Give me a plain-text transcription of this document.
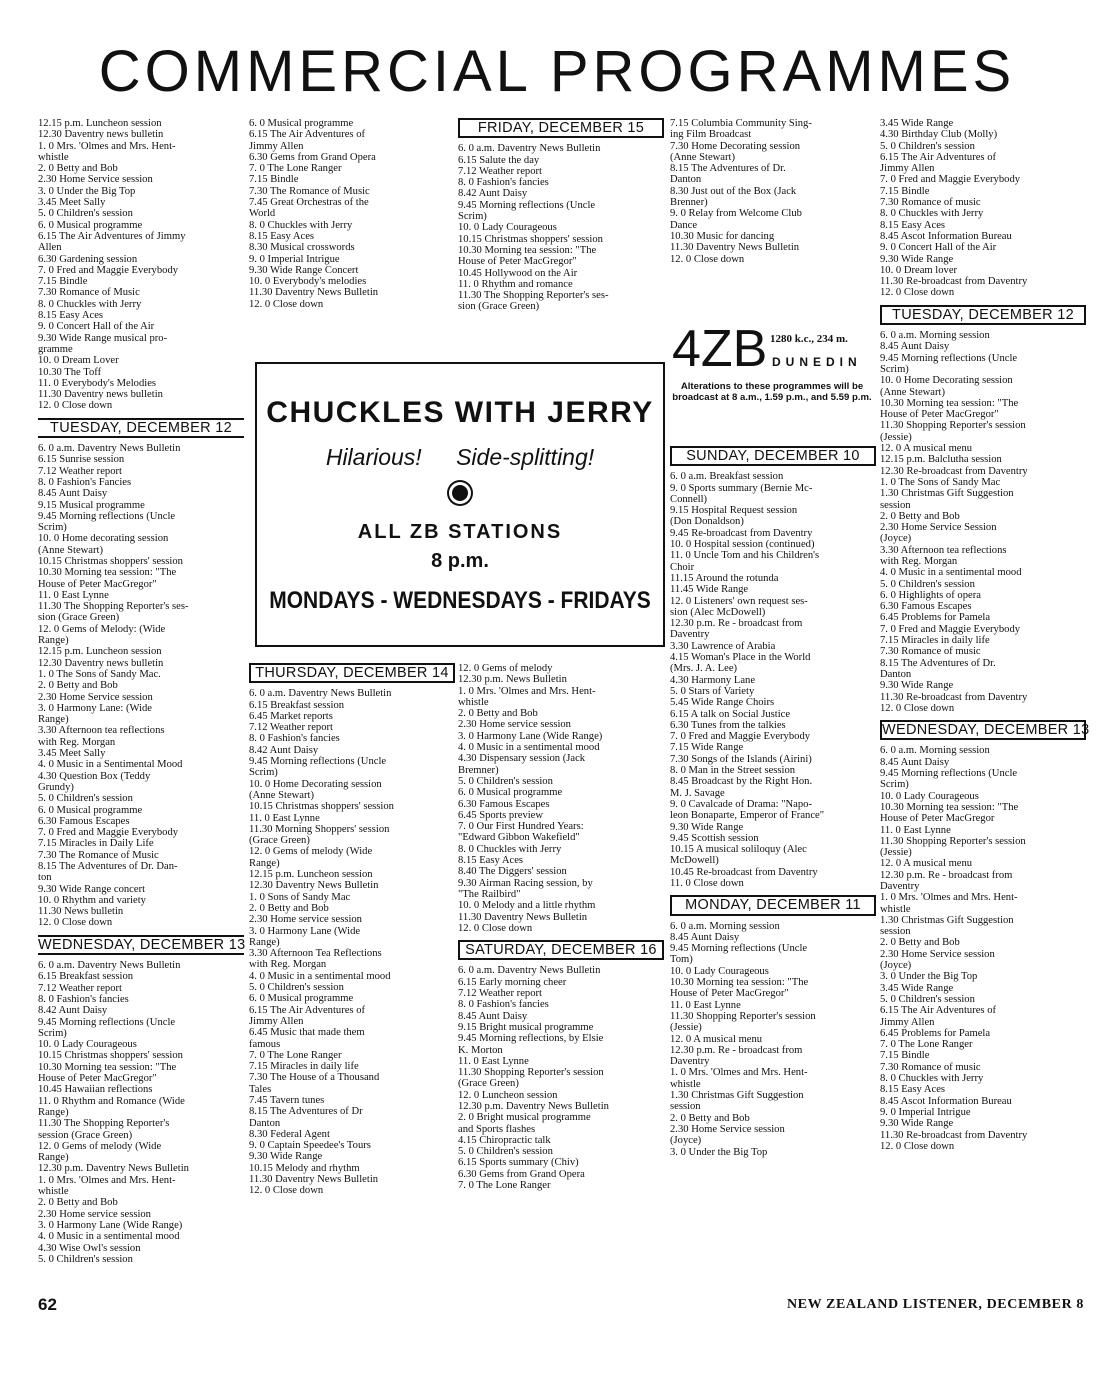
COMMERCIAL PROGRAMMES
12.15 p.m. Luncheon session
12.30 Daventry news bulletin
1. 0 Mrs. 'Olmes and Mrs. Hent-
whistle
2. 0 Betty and Bob
2.30 Home Service session
3. 0 Under the Big Top
3.45 Meet Sally
5. 0 Children's session
6. 0 Musical programme
6.15 The Air Adventures of Jimmy
Allen
6.30 Gardening session
7. 0 Fred and Maggie Everybody
7.15 Bindle
7.30 Romance of Music
8. 0 Chuckles with Jerry
8.15 Easy Aces
9. 0 Concert Hall of the Air
9.30 Wide Range musical pro-
gramme
10. 0 Dream Lover
10.30 The Toff
11. 0 Everybody's Melodies
11.30 Daventry news bulletin
12. 0 Close down
TUESDAY, DECEMBER 12
6. 0 a.m. Daventry News Bulletin
6.15 Sunrise session
7.12 Weather report
8. 0 Fashion's Fancies
8.45 Aunt Daisy
9.15 Musical programme
9.45 Morning reflections (Uncle
Scrim)
10. 0 Home decorating session
(Anne Stewart)
10.15 Christmas shoppers' session
10.30 Morning tea session: "The
House of Peter MacGregor"
11. 0 East Lynne
11.30 The Shopping Reporter's ses-
sion (Grace Green)
12. 0 Gems of Melody: (Wide
Range)
12.15 p.m. Luncheon session
12.30 Daventry news bulletin
1. 0 The Sons of Sandy Mac.
2. 0 Betty and Bob
2.30 Home Service session
3. 0 Harmony Lane: (Wide
Range)
3.30 Afternoon tea reflections
with Reg. Morgan
3.45 Meet Sally
4. 0 Music in a Sentimental Mood
4.30 Question Box (Teddy
Grundy)
5. 0 Children's session
6. 0 Musical programme
6.30 Famous Escapes
7. 0 Fred and Maggie Everybody
7.15 Miracles in Daily Life
7.30 The Romance of Music
8.15 The Adventures of Dr. Dan-
ton
9.30 Wide Range concert
10. 0 Rhythm and variety
11.30 News bulletin
12. 0 Close down
WEDNESDAY, DECEMBER 13
6. 0 a.m. Daventry News Bulletin
6.15 Breakfast session
7.12 Weather report
8. 0 Fashion's fancies
8.42 Aunt Daisy
9.45 Morning reflections (Uncle
Scrim)
10. 0 Lady Courageous
10.15 Christmas shoppers' session
10.30 Morning tea session: "The
House of Peter MacGregor"
10.45 Hawaiian reflections
11. 0 Rhythm and Romance (Wide
Range)
11.30 The Shopping Reporter's
session (Grace Green)
12. 0 Gems of melody (Wide
Range)
12.30 p.m. Daventry News Bulletin
1. 0 Mrs. 'Olmes and Mrs. Hent-
whistle
2. 0 Betty and Bob
2.30 Home service session
3. 0 Harmony Lane (Wide Range)
4. 0 Music in a sentimental mood
4.30 Wise Owl's session
5. 0 Children's session
6. 0 Musical programme
6.15 The Air Adventures of
Jimmy Allen
6.30 Gems from Grand Opera
7. 0 The Lone Ranger
7.15 Bindle
7.30 The Romance of Music
7.45 Great Orchestras of the
World
8. 0 Chuckles with Jerry
8.15 Easy Aces
8.30 Musical crosswords
9. 0 Imperial Intrigue
9.30 Wide Range Concert
10. 0 Everybody's melodies
11.30 Daventry News Bulletin
12. 0 Close down
CHUCKLES WITH JERRY
Hilarious! Side-splitting!
ALL ZB STATIONS
8 p.m.
MONDAYS - WEDNESDAYS - FRIDAYS
THURSDAY, DECEMBER 14
6. 0 a.m. Daventry News Bulletin
6.15 Breakfast session
6.45 Market reports
7.12 Weather report
8. 0 Fashion's fancies
8.42 Aunt Daisy
9.45 Morning reflections (Uncle
Scrim)
10. 0 Home Decorating session
(Anne Stewart)
10.15 Christmas shoppers' session
11. 0 East Lynne
11.30 Morning Shoppers' session
(Grace Green)
12. 0 Gems of melody (Wide
Range)
12.15 p.m. Luncheon session
12.30 Daventry News Bulletin
1. 0 Sons of Sandy Mac
2. 0 Betty and Bob
2.30 Home service session
3. 0 Harmony Lane (Wide
Range)
3.30 Afternoon Tea Reflections
with Reg. Morgan
4. 0 Music in a sentimental mood
5. 0 Children's session
6. 0 Musical programme
6.15 The Air Adventures of
Jimmy Allen
6.45 Music that made them
famous
7. 0 The Lone Ranger
7.15 Miracles in daily life
7.30 The House of a Thousand
Tales
7.45 Tavern tunes
8.15 The Adventures of Dr
Danton
8.30 Federal Agent
9. 0 Captain Speedee's Tours
9.30 Wide Range
10.15 Melody and rhythm
11.30 Daventry News Bulletin
12. 0 Close down
FRIDAY, DECEMBER 15
6. 0 a.m. Daventry News Bulletin
6.15 Salute the day
7.12 Weather report
8. 0 Fashion's fancies
8.42 Aunt Daisy
9.45 Morning reflections (Uncle
Scrim)
10. 0 Lady Courageous
10.15 Christmas shoppers' session
10.30 Morning tea session: "The
House of Peter MacGregor"
10.45 Hollywood on the Air
11. 0 Rhythm and romance
11.30 The Shopping Reporter's ses-
sion (Grace Green)
12. 0 Gems of melody
12.30 p.m. News Bulletin
1. 0 Mrs. 'Olmes and Mrs. Hent-
whistle
2. 0 Betty and Bob
2.30 Home service session
3. 0 Harmony Lane (Wide Range)
4. 0 Music in a sentimental mood
4.30 Dispensary session (Jack
Bremner)
5. 0 Children's session
6. 0 Musical programme
6.30 Famous Escapes
6.45 Sports preview
7. 0 Our First Hundred Years:
"Edward Gibbon Wakefield"
8. 0 Chuckles with Jerry
8.15 Easy Aces
8.40 The Diggers' session
9.30 Airman Racing session, by
"The Railbird"
10. 0 Melody and a little rhythm
11.30 Daventry News Bulletin
12. 0 Close down
SATURDAY, DECEMBER 16
6. 0 a.m. Daventry News Bulletin
6.15 Early morning cheer
7.12 Weather report
8. 0 Fashion's fancies
8.45 Aunt Daisy
9.15 Bright musical programme
9.45 Morning reflections, by Elsie
K. Morton
11. 0 East Lynne
11.30 Shopping Reporter's session
(Grace Green)
12. 0 Luncheon session
12.30 p.m. Daventry News Bulletin
2. 0 Bright musical programme
and Sports flashes
4.15 Chiropractic talk
5. 0 Children's session
6.15 Sports summary (Chiv)
6.30 Gems from Grand Opera
7. 0 The Lone Ranger
7.15 Columbia Community Sing-
ing Film Broadcast
7.30 Home Decorating session
(Anne Stewart)
8.15 The Adventures of Dr.
Danton
8.30 Just out of the Box (Jack
Brenner)
9. 0 Relay from Welcome Club
Dance
10.30 Music for dancing
11.30 Daventry News Bulletin
12. 0 Close down
4ZB 1280 k.c., 234 m.
DUNEDIN
Alterations to these programmes will be broadcast at 8 a.m., 1.59 p.m., and 5.59 p.m.
SUNDAY, DECEMBER 10
6. 0 a.m. Breakfast session
9. 0 Sports summary (Bernie Mc-
Connell)
9.15 Hospital Request session
(Don Donaldson)
9.45 Re-broadcast from Daventry
10. 0 Hospital session (continued)
11. 0 Uncle Tom and his Children's
Choir
11.15 Around the rotunda
11.45 Wide Range
12. 0 Listeners' own request ses-
sion (Alec McDowell)
12.30 p.m. Re - broadcast from
Daventry
3.30 Lawrence of Arabia
4.15 Woman's Place in the World
(Mrs. J. A. Lee)
4.30 Harmony Lane
5. 0 Stars of Variety
5.45 Wide Range Choirs
6.15 A talk on Social Justice
6.30 Tunes from the talkies
7. 0 Fred and Maggie Everybody
7.15 Wide Range
7.30 Songs of the Islands (Airini)
8. 0 Man in the Street session
8.45 Broadcast by the Right Hon.
M. J. Savage
9. 0 Cavalcade of Drama: "Napo-
leon Bonaparte, Emperor of France"
9.30 Wide Range
9.45 Scottish session
10.15 A musical soliloquy (Alec
McDowell)
10.45 Re-broadcast from Daventry
11. 0 Close down
MONDAY, DECEMBER 11
6. 0 a.m. Morning session
8.45 Aunt Daisy
9.45 Morning reflections (Uncle
Tom)
10. 0 Lady Courageous
10.30 Morning tea session: "The
House of Peter MacGregor"
11. 0 East Lynne
11.30 Shopping Reporter's session
(Jessie)
12. 0 A musical menu
12.30 p.m. Re - broadcast from
Daventry
1. 0 Mrs. 'Olmes and Mrs. Hent-
whistle
1.30 Christmas Gift Suggestion
session
2. 0 Betty and Bob
2.30 Home Service session
(Joyce)
3. 0 Under the Big Top
3.45 Wide Range
4.30 Birthday Club (Molly)
5. 0 Children's session
6.15 The Air Adventures of
Jimmy Allen
7. 0 Fred and Maggie Everybody
7.15 Bindle
7.30 Romance of music
8. 0 Chuckles with Jerry
8.15 Easy Aces
8.45 Ascot Information Bureau
9. 0 Concert Hall of the Air
9.30 Wide Range
10. 0 Dream lover
11.30 Re-broadcast from Daventry
12. 0 Close down
TUESDAY, DECEMBER 12
6. 0 a.m. Morning session
8.45 Aunt Daisy
9.45 Morning reflections (Uncle
Scrim)
10. 0 Home Decorating session
(Anne Stewart)
10.30 Morning tea session: "The
House of Peter MacGregor"
11.30 Shopping Reporter's session
(Jessie)
12. 0 A musical menu
12.15 p.m. Balclutha session
12.30 Re-broadcast from Daventry
1. 0 The Sons of Sandy Mac
1.30 Christmas Gift Suggestion
session
2. 0 Betty and Bob
2.30 Home Service Session
(Joyce)
3.30 Afternoon tea reflections
with Reg. Morgan
4. 0 Music in a sentimental mood
5. 0 Children's session
6. 0 Highlights of opera
6.30 Famous Escapes
6.45 Problems for Pamela
7. 0 Fred and Maggie Everybody
7.15 Miracles in daily life
7.30 Romance of music
8.15 The Adventures of Dr.
Danton
9.30 Wide Range
11.30 Re-broadcast from Daventry
12. 0 Close down
WEDNESDAY, DECEMBER 13
6. 0 a.m. Morning session
8.45 Aunt Daisy
9.45 Morning reflections (Uncle
Scrim)
10. 0 Lady Courageous
10.30 Morning tea session: "The
House of Peter MacGregor
11. 0 East Lynne
11.30 Shopping Reporter's session
(Jessie)
12. 0 A musical menu
12.30 p.m. Re - broadcast from
Daventry
1. 0 Mrs. 'Olmes and Mrs. Hent-
whistle
1.30 Christmas Gift Suggestion
session
2. 0 Betty and Bob
2.30 Home Service session
(Joyce)
3. 0 Under the Big Top
3.45 Wide Range
5. 0 Children's session
6.15 The Air Adventures of
Jimmy Allen
6.45 Problems for Pamela
7. 0 The Lone Ranger
7.15 Bindle
7.30 Romance of music
8. 0 Chuckles with Jerry
8.15 Easy Aces
8.45 Ascot Information Bureau
9. 0 Imperial Intrigue
9.30 Wide Range
11.30 Re-broadcast from Daventry
12. 0 Close down
62	NEW ZEALAND LISTENER, DECEMBER 8
